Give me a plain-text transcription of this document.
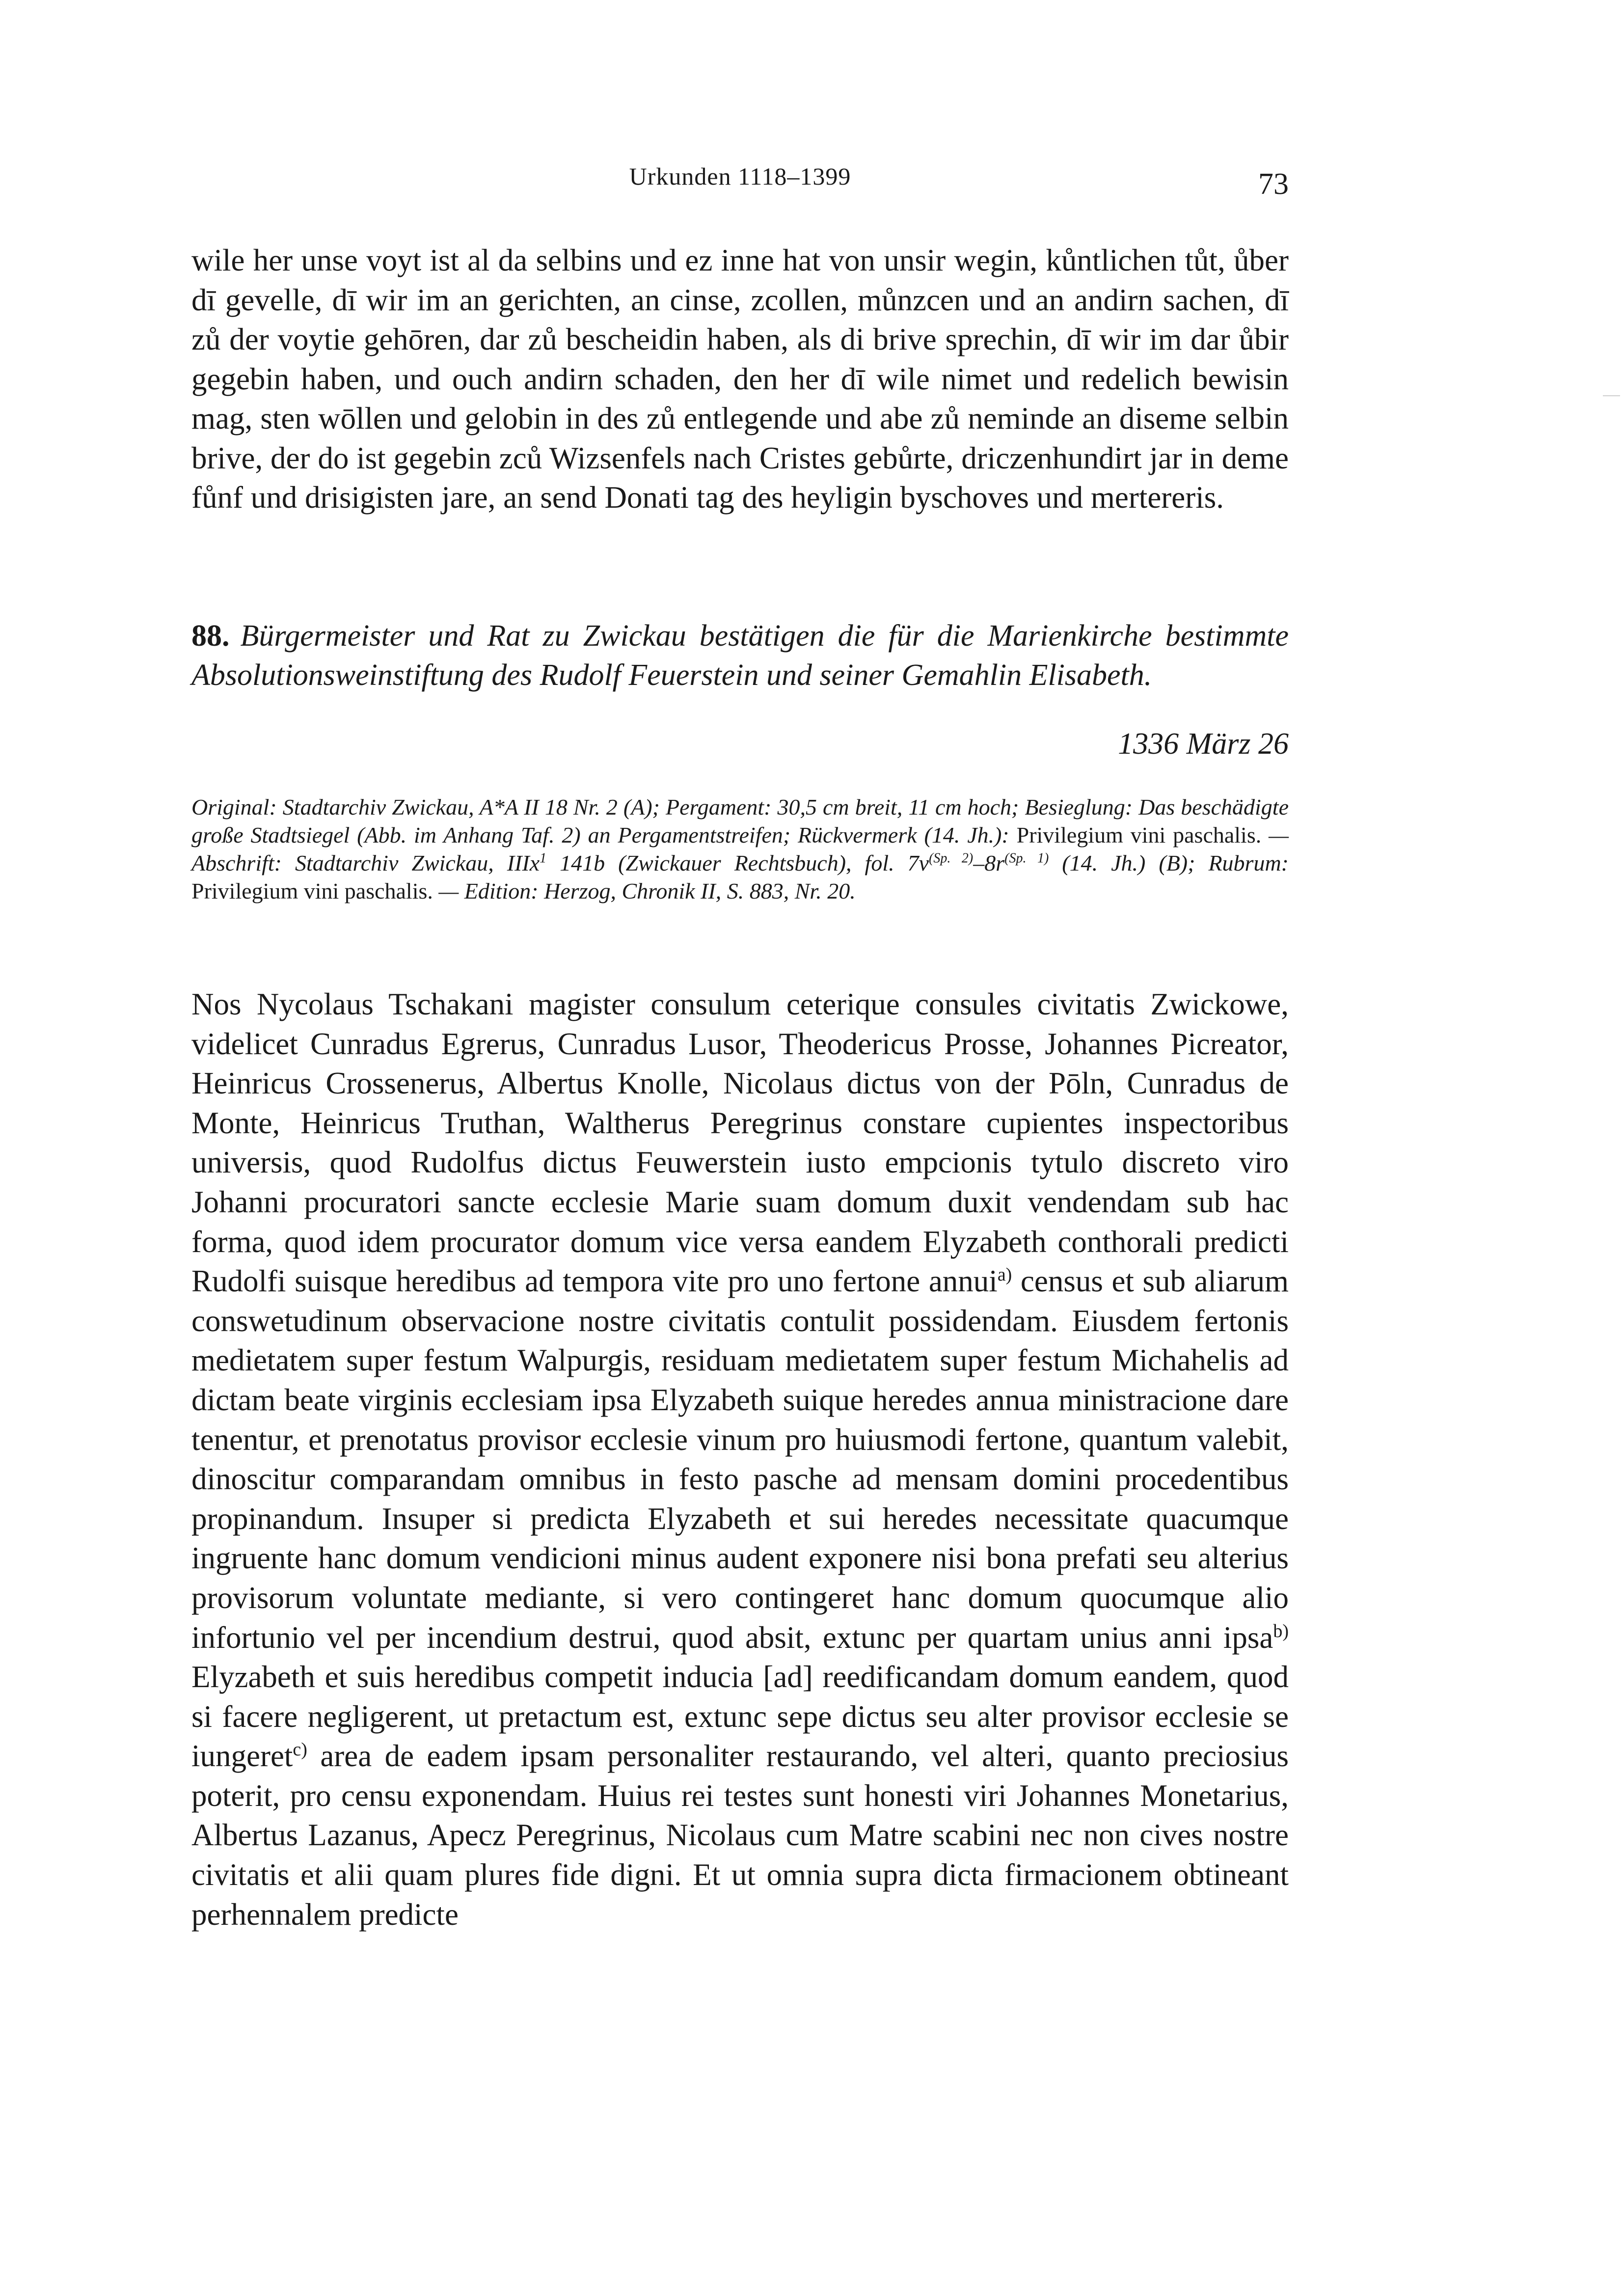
Urkunden 1118–1399	73

wile her unse voyt ist al da selbins und ez inne hat von unsir wegin, kůntlichen tůt, ůber dī gevelle, dī wir im an gerichten, an cinse, zcollen, můnzcen und an andirn sachen, dī zů der voytie gehōren, dar zů bescheidin haben, als di brive sprechin, dī wir im dar ůbir gegebin haben, und ouch andirn schaden, den her dī wile nimet und redelich bewisin mag, sten wōllen und gelobin in des zů entlegende und abe zů neminde an diseme selbin brive, der do ist gegebin zců Wizsenfels nach Cristes gebůrte, driczenhundirt jar in deme fůnf und drisigisten jare, an send Donati tag des heyligin byschoves und mertereris.

88. Bürgermeister und Rat zu Zwickau bestätigen die für die Marienkirche bestimmte Absolutionsweinstiftung des Rudolf Feuerstein und seiner Gemahlin Elisabeth.
1336 März 26

Original: Stadtarchiv Zwickau, A*A II 18 Nr. 2 (A); Pergament: 30,5 cm breit, 11 cm hoch; Besieglung: Das beschädigte große Stadtsiegel (Abb. im Anhang Taf. 2) an Pergamentstreifen; Rückvermerk (14. Jh.): Privilegium vini paschalis. — Abschrift: Stadtarchiv Zwickau, IIIx$^1$ 141b (Zwickauer Rechtsbuch), fol. $7v^{(Sp. 2)}-8r^{(Sp. 1)}$ (14. Jh.) (B); Rubrum: Privilegium vini paschalis. — Edition: Herzog, Chronik II, S. 883, Nr. 20.

Nos Nycolaus Tschakani magister consulum ceterique consules civitatis Zwickowe, videlicet Cunradus Egrerus, Cunradus Lusor, Theodericus Prosse, Johannes Picreator, Heinricus Crossenerus, Albertus Knolle, Nicolaus dictus von der Pōln, Cunradus de Monte, Heinricus Truthan, Waltherus Peregrinus constare cupientes inspectoribus universis, quod Rudolfus dictus Feuwerstein iusto empcionis tytulo discreto viro Johanni procuratori sancte ecclesie Marie suam domum duxit vendendam sub hac forma, quod idem procurator domum vice versa eandem Elyzabeth conthorali predicti Rudolfi suisque heredibus ad tempora vite pro uno fertone annui$^{a)}$ census et sub aliarum conswetudinum observacione nostre civitatis contulit possidendam. Eiusdem fertonis medietatem super festum Walpurgis, residuam medietatem super festum Michahelis ad dictam beate virginis ecclesiam ipsa Elyzabeth suique heredes annua ministracione dare tenentur, et prenotatus provisor ecclesie vinum pro huiusmodi fertone, quantum valebit, dinoscitur comparandam omnibus in festo pasche ad mensam domini procedentibus propinandum. Insuper si predicta Elyzabeth et sui heredes necessitate quacumque ingruente hanc domum vendicioni minus audent exponere nisi bona prefati seu alterius provisorum voluntate mediante, si vero contingeret hanc domum quocumque alio infortunio vel per incendium destrui, quod absit, extunc per quartam unius anni ipsa$^{b)}$ Elyzabeth et suis heredibus competit inducia [ad] reedificandam domum eandem, quod si facere negligerent, ut pretactum est, extunc sepe dictus seu alter provisor ecclesie se iungeret$^{c)}$ area de eadem ipsam personaliter restaurando, vel alteri, quanto preciosius poterit, pro censu exponendam. Huius rei testes sunt honesti viri Johannes Monetarius, Albertus Lazanus, Apecz Peregrinus, Nicolaus cum Matre scabini nec non cives nostre civitatis et alii quam plures fide digni. Et ut omnia supra dicta firmacionem obtineant perhennalem predicte
